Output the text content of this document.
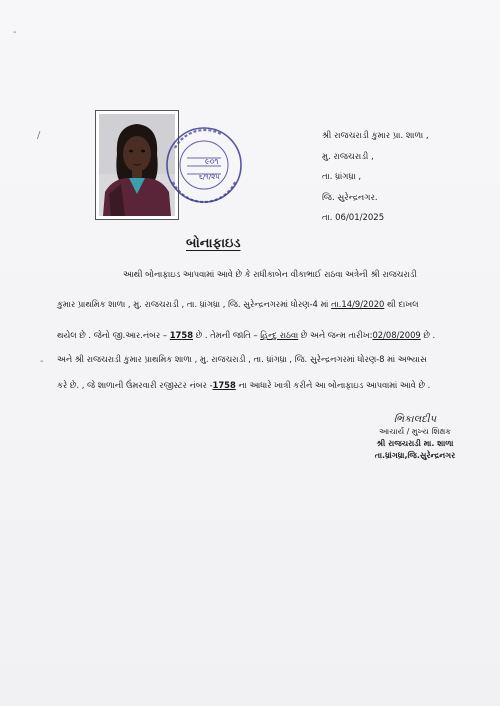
-
/
-
૯૦૧
૬/૧/૨૫
શ્રી રાજચરાડી કુમાર પ્રા. શાળા ,
મુ. રાજચરાડી ,
તા. ધ્રાંગધ્રા ,
જિ. સુરેન્દ્રનગર.
તા. 06/01/2025
બોનાફાઇડ
આથી બોનાફાઇડ આપવામાં આવે છે કે રાધીકાબેન વીકાભાઈ રાઠવા અત્રેની શ્રી રાજચરાડી
કુમાર પ્રાથમિક શાળા , મુ. રાજચરાડી , તા. ધ્રાંગધ્રા , જિ. સુરેન્દ્રનગરમાં ધોરણ-4 માં તા.14/9/2020 થી દાખલ
થયેલ છે . જેનો જી.આર.નંબર – 1758 છે . તેમની જાતિ – હિન્દુ રાઠવા છે અને જન્મ તારીખ:02/08/2009 છે .
અને શ્રી રાજચરાડી કુમાર પ્રાથમિક શાળા , મુ. રાજચરાડી , તા. ધ્રાંગધ્રા , જિ. સુરેન્દ્રનગરમાં ધોરણ-8 માં અભ્યાસ
કરે છે. , જે શાળાની ઉંમરવારી રજીસ્ટર નંબર -1758 ના આધારે ખાત્રી કરીને આ બોનાફાઇડ આપવામાં આવે છે .
ભિકાલદીપ
આચાર્ય / મુખ્ય શિક્ષક
શ્રી રાજચરાડી મા. શાળા
તા.ધ્રાંગધ્રા,જિ.સુરેન્દ્રનગર
